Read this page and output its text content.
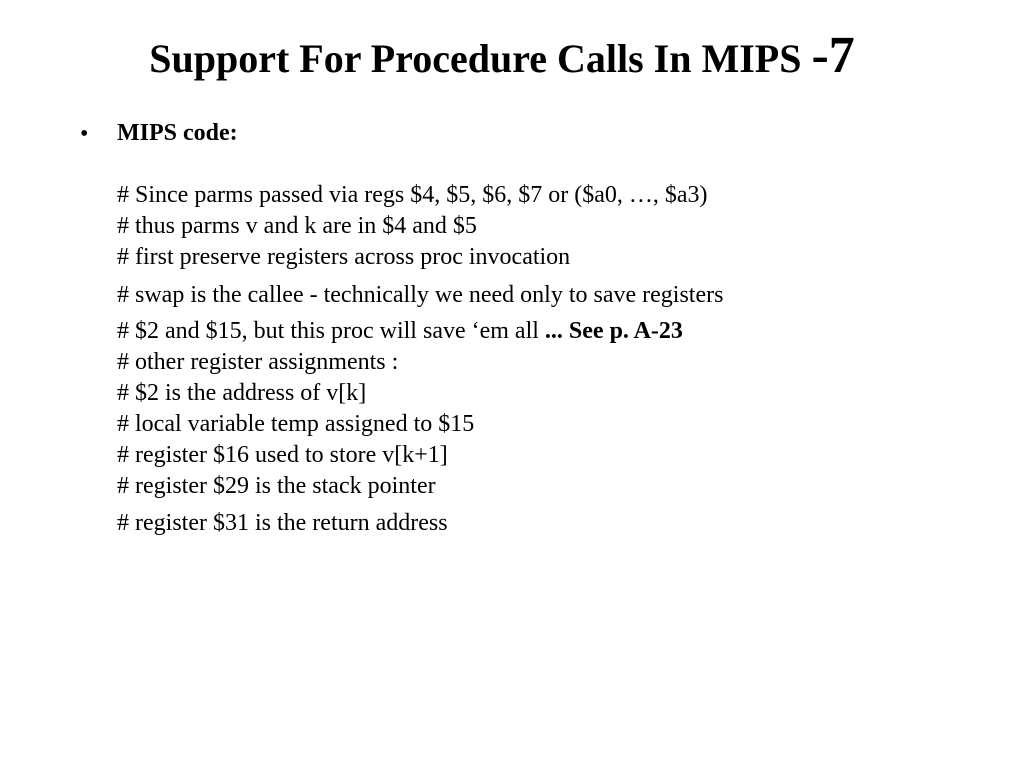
Support For Procedure Calls In MIPS -7
• MIPS code:
# Since parms passed via regs $4, $5, $6, $7 or ($a0, …, $a3)
# thus parms v and k are in $4 and $5
# first preserve registers across proc invocation
# swap is the callee - technically we need only to save registers
# $2 and $15, but this proc will save ‘em all ... See p. A-23
# other register assignments :
# $2 is the address of v[k]
# local variable temp assigned to $15
# register $16 used to store v[k+1]
# register $29 is the stack pointer
# register $31 is the return address
